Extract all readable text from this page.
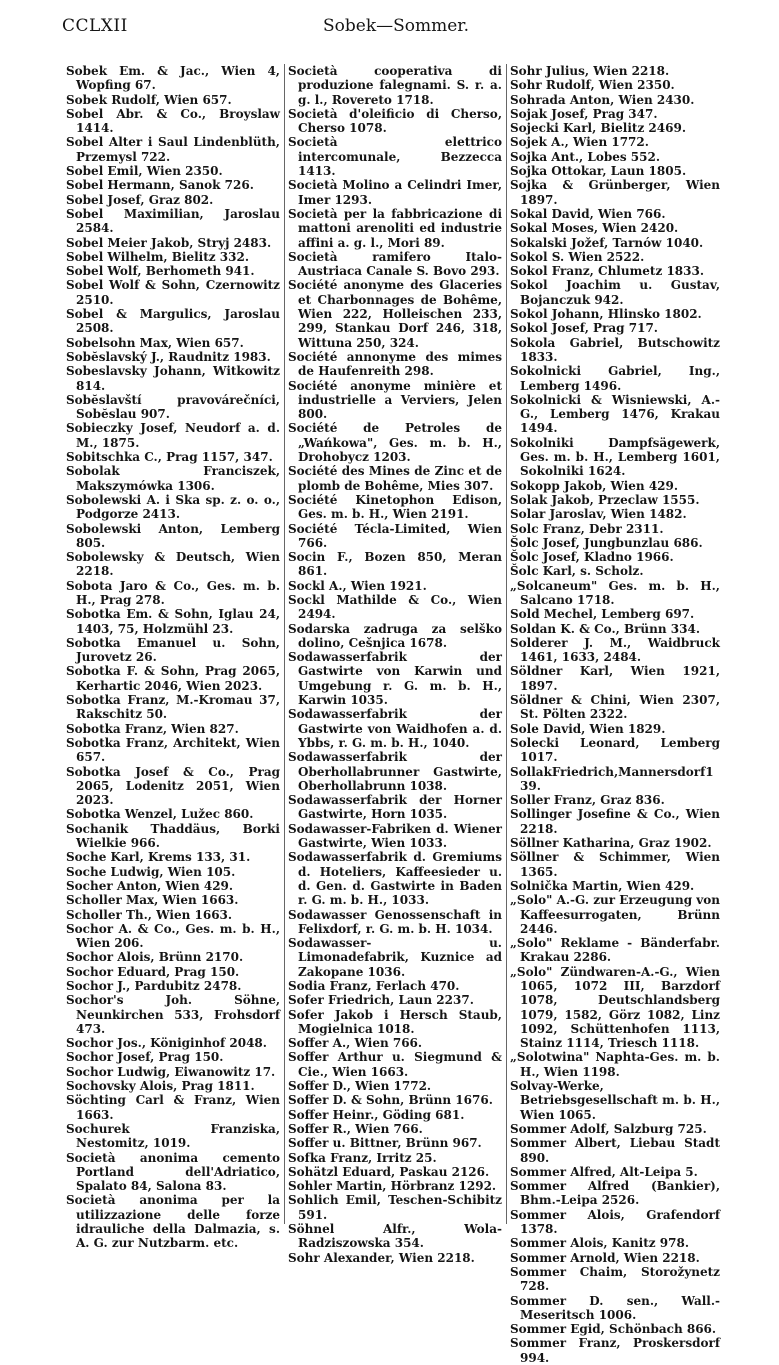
CCLXII	Sobek—Sommer.
Sobek Em. & Jac., Wien 4, Wopfing 67.
Sobek Rudolf, Wien 657.
Sobel Abr. & Co., Broyslaw 1414.
Sobel Alter i Saul Lindenblüth, Przemysl 722.
Sobel Emil, Wien 2350.
Sobel Hermann, Sanok 726.
Sobel Josef, Graz 802.
Sobel Maximilian, Jaroslau 2584.
Sobel Meier Jakob, Stryj 2483.
Sobel Wilhelm, Bielitz 332.
Sobel Wolf, Berhometh 941.
Sobel Wolf & Sohn, Czernowitz 2510.
Sobel & Margulics, Jaroslau 2508.
Sobelsohn Max, Wien 657.
Sobĕslavský J., Raudnitz 1983.
Sobeslavsky Johann, Witkowitz 814.
Sobĕslavští pravovárečníci, Sobĕslau 907.
Sobieczky Josef, Neudorf a. d. M., 1875.
Sobitschka C., Prag 1157, 347.
Sobolak Franciszek, Makszymówka 1306.
Sobolewski A. i Ska sp. z. o. o., Podgorze 2413.
Sobolewski Anton, Lemberg 805.
Sobolewsky & Deutsch, Wien 2218.
Sobota Jaro & Co., Ges. m. b. H., Prag 278.
Sobotka Em. & Sohn, Iglau 24, 1403, 75, Holzmühl 23.
Sobotka Emanuel u. Sohn, Jurovetz 26.
Sobotka F. & Sohn, Prag 2065, Kerhartic 2046, Wien 2023.
Sobotka Franz, M.-Kromau 37, Rakschitz 50.
Sobotka Franz, Wien 827.
Sobotka Franz, Architekt, Wien 657.
Sobotka Josef & Co., Prag 2065, Lodenitz 2051, Wien 2023.
Sobotka Wenzel, Lužec 860.
Sochanik Thaddäus, Borki Wielkie 966.
Soche Karl, Krems 133, 31.
Soche Ludwig, Wien 105.
Socher Anton, Wien 429.
Scholler Max, Wien 1663.
Scholler Th., Wien 1663.
Sochor A. & Co., Ges. m. b. H., Wien 206.
Sochor Alois, Brünn 2170.
Sochor Eduard, Prag 150.
Sochor J., Pardubitz 2478.
Sochor's Joh. Söhne, Neunkirchen 533, Frohsdorf 473.
Sochor Jos., Königinhof 2048.
Sochor Josef, Prag 150.
Sochor Ludwig, Eiwanowitz 17.
Sochovsky Alois, Prag 1811.
Söchting Carl & Franz, Wien 1663.
Sochurek Franziska, Nestomitz, 1019.
Società anonima cemento Portland dell'Adriatico, Spalato 84, Salona 83.
Società anonima per la utilizzazione delle forze idrauliche della Dalmazia, s. A. G. zur Nutzbarm. etc.
Società cooperativa di produzione falegnami. S. r. a. g. l., Rovereto 1718.
Società d'oleificio di Cherso, Cherso 1078.
Società elettrico intercomunale, Bezzecca 1413.
Società Molino a Celindri Imer, Imer 1293.
Società per la fabbricazione di mattoni arenoliti ed industrie affini a. g. l., Mori 89.
Società ramifero Italo-Austriaca Canale S. Bovo 293.
Société anonyme des Glaceries et Charbonnages de Bohême, Wien 222, Holleischen 233, 299, Stankau Dorf 246, 318, Wittuna 250, 324.
Société annonyme des mimes de Haufenreith 298.
Société anonyme minière et industrielle a Verviers, Jelen 800.
Société de Petroles de „Wańkowa", Ges. m. b. H., Drohobycz 1203.
Société des Mines de Zinc et de plomb de Bohême, Mies 307.
Société Kinetophon Edison, Ges. m. b. H., Wien 2191.
Société Técla-Limited, Wien 766.
Socin F., Bozen 850, Meran 861.
Sockl A., Wien 1921.
Sockl Mathilde & Co., Wien 2494.
Sodarska zadruga za selško dolino, Cešnjica 1678.
Sodawasserfabrik der Gastwirte von Karwin und Umgebung r. G. m. b. H., Karwin 1035.
Sodawasserfabrik der Gastwirte von Waidhofen a. d. Ybbs, r. G. m. b. H., 1040.
Sodawasserfabrik der Oberhollabrunner Gastwirte, Oberhollabrunn 1038.
Sodawasserfabrik der Horner Gastwirte, Horn 1035.
Sodawasser-Fabriken d. Wiener Gastwirte, Wien 1033.
Sodawasserfabrik d. Gremiums d. Hoteliers, Kaffeesieder u. d. Gen. d. Gastwirte in Baden r. G. m. b. H., 1033.
Sodawasser Genossenschaft in Felixdorf, r. G. m. b. H. 1034.
Sodawasser- u. Limonadefabrik, Kuznice ad Zakopane 1036.
Sodia Franz, Ferlach 470.
Sofer Friedrich, Laun 2237.
Sofer Jakob i Hersch Staub, Mogielnica 1018.
Soffer A., Wien 766.
Soffer Arthur u. Siegmund & Cie., Wien 1663.
Soffer D., Wien 1772.
Soffer D. & Sohn, Brünn 1676.
Soffer Heinr., Göding 681.
Soffer R., Wien 766.
Soffer u. Bittner, Brünn 967.
Sofka Franz, Irritz 25.
Sohätzl Eduard, Paskau 2126.
Sohler Martin, Hörbranz 1292.
Sohlich Emil, Teschen-Schibitz 591.
Söhnel Alfr., Wola-Radziszowska 354.
Sohr Alexander, Wien 2218.
Sohr Julius, Wien 2218.
Sohr Rudolf, Wien 2350.
Sohrada Anton, Wien 2430.
Sojak Josef, Prag 347.
Sojecki Karl, Bielitz 2469.
Sojek A., Wien 1772.
Sojka Ant., Lobes 552.
Sojka Ottokar, Laun 1805.
Sojka & Grünberger, Wien 1897.
Sokal David, Wien 766.
Sokal Moses, Wien 2420.
Sokalski Jožef, Tarnów 1040.
Sokol S. Wien 2522.
Sokol Franz, Chlumetz 1833.
Sokol Joachim u. Gustav, Bojanczuk 942.
Sokol Johann, Hlinsko 1802.
Sokol Josef, Prag 717.
Sokola Gabriel, Butschowitz 1833.
Sokolnicki Gabriel, Ing., Lemberg 1496.
Sokolnicki & Wisniewski, A.-G., Lemberg 1476, Krakau 1494.
Sokolniki Dampfsägewerk, Ges. m. b. H., Lemberg 1601, Sokolniki 1624.
Sokopp Jakob, Wien 429.
Solak Jakob, Przeclaw 1555.
Solar Jaroslav, Wien 1482.
Solc Franz, Debr 2311.
Šolc Josef, Jungbunzlau 686.
Šolc Josef, Kladno 1966.
Šolc Karl, s. Scholz.
„Solcaneum" Ges. m. b. H., Salcano 1718.
Sold Mechel, Lemberg 697.
Soldan K. & Co., Brünn 334.
Solderer J. M., Waidbruck 1461, 1633, 2484.
Söldner Karl, Wien 1921, 1897.
Söldner & Chini, Wien 2307, St. Pölten 2322.
Sole David, Wien 1829.
Solecki Leonard, Lemberg 1017.
SollakFriedrich,Mannersdorf139.
Soller Franz, Graz 836.
Sollinger Josefine & Co., Wien 2218.
Söllner Katharina, Graz 1902.
Söllner & Schimmer, Wien 1365.
Solnička Martin, Wien 429.
„Solo" A.-G. zur Erzeugung von Kaffeesurrogaten, Brünn 2446.
„Solo" Reklame - Bänderfabr. Krakau 2286.
„Solo" Zündwaren-A.-G., Wien 1065, 1072 III, Barzdorf 1078, Deutschlandsberg 1079, 1582, Görz 1082, Linz 1092, Schüttenhofen 1113, Stainz 1114, Triesch 1118.
„Solotwina" Naphta-Ges. m. b. H., Wien 1198.
Solvay-Werke, Betriebsgesellschaft m. b. H., Wien 1065.
Sommer Adolf, Salzburg 725.
Sommer Albert, Liebau Stadt 890.
Sommer Alfred, Alt-Leipa 5.
Sommer Alfred (Bankier), Bhm.-Leipa 2526.
Sommer Alois, Grafendorf 1378.
Sommer Alois, Kanitz 978.
Sommer Arnold, Wien 2218.
Sommer Chaim, Storožynetz 728.
Sommer D. sen., Wall.-Meseritsch 1006.
Sommer Egid, Schönbach 866.
Sommer Franz, Proskersdorf 994.
